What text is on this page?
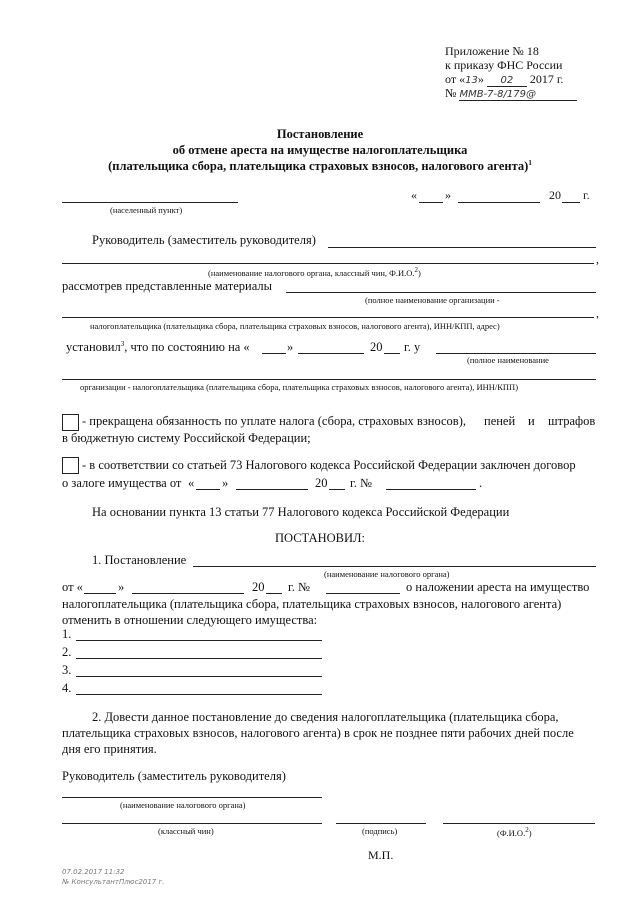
Приложение № 18
к приказу ФНС России
от «13» 02 2017 г.
№ ММВ-7-8/179@
Постановление
об отмене ареста на имуществе налогоплательщика
(плательщика сбора, плательщика страховых взносов, налогового агента)$^1$
(населенный пункт)
« »	20 г.
Руководитель (заместитель руководителя)
,
(наименование налогового органа, классный чин, Ф.И.О.$^2$)
рассмотрев представленные материалы
(полное наименование организации -
,
налогоплательщика (плательщика сбора, плательщика страховых взносов, налогового агента), ИНН/КПП, адрес)
установил$^3$, что по состоянию на «	»	20 г. у
(полное наименование
организации - налогоплательщика (плательщика сбора, плательщика страховых взносов, налогового агента), ИНН/КПП)
- прекращена обязанность по уплате налога (сбора, страховых взносов), пеней и штрафов
в бюджетную систему Российской Федерации;
- в соответствии со статьей 73 Налогового кодекса Российской Федерации заключен договор
о залоге имущества от « »	20 г. №	.
На основании пункта 13 статьи 77 Налогового кодекса Российской Федерации
ПОСТАНОВИЛ:
1. Постановление
(наименование налогового органа)
от «	»	20 г. №	о наложении ареста на имущество
налогоплательщика (плательщика сбора, плательщика страховых взносов, налогового агента)
отменить в отношении следующего имущества:
1.
2.
3.
4.
2. Довести данное постановление до сведения налогоплательщика (плательщика сбора,
плательщика страховых взносов, налогового агента) в срок не позднее пяти рабочих дней после
дня его принятия.
Руководитель (заместитель руководителя)
(наименование налогового органа)
(классный чин)	(подпись)	(Ф.И.О.$^2$)
М.П.
07.02.2017 11:32
№ КонсультантПлюс2017 г.
